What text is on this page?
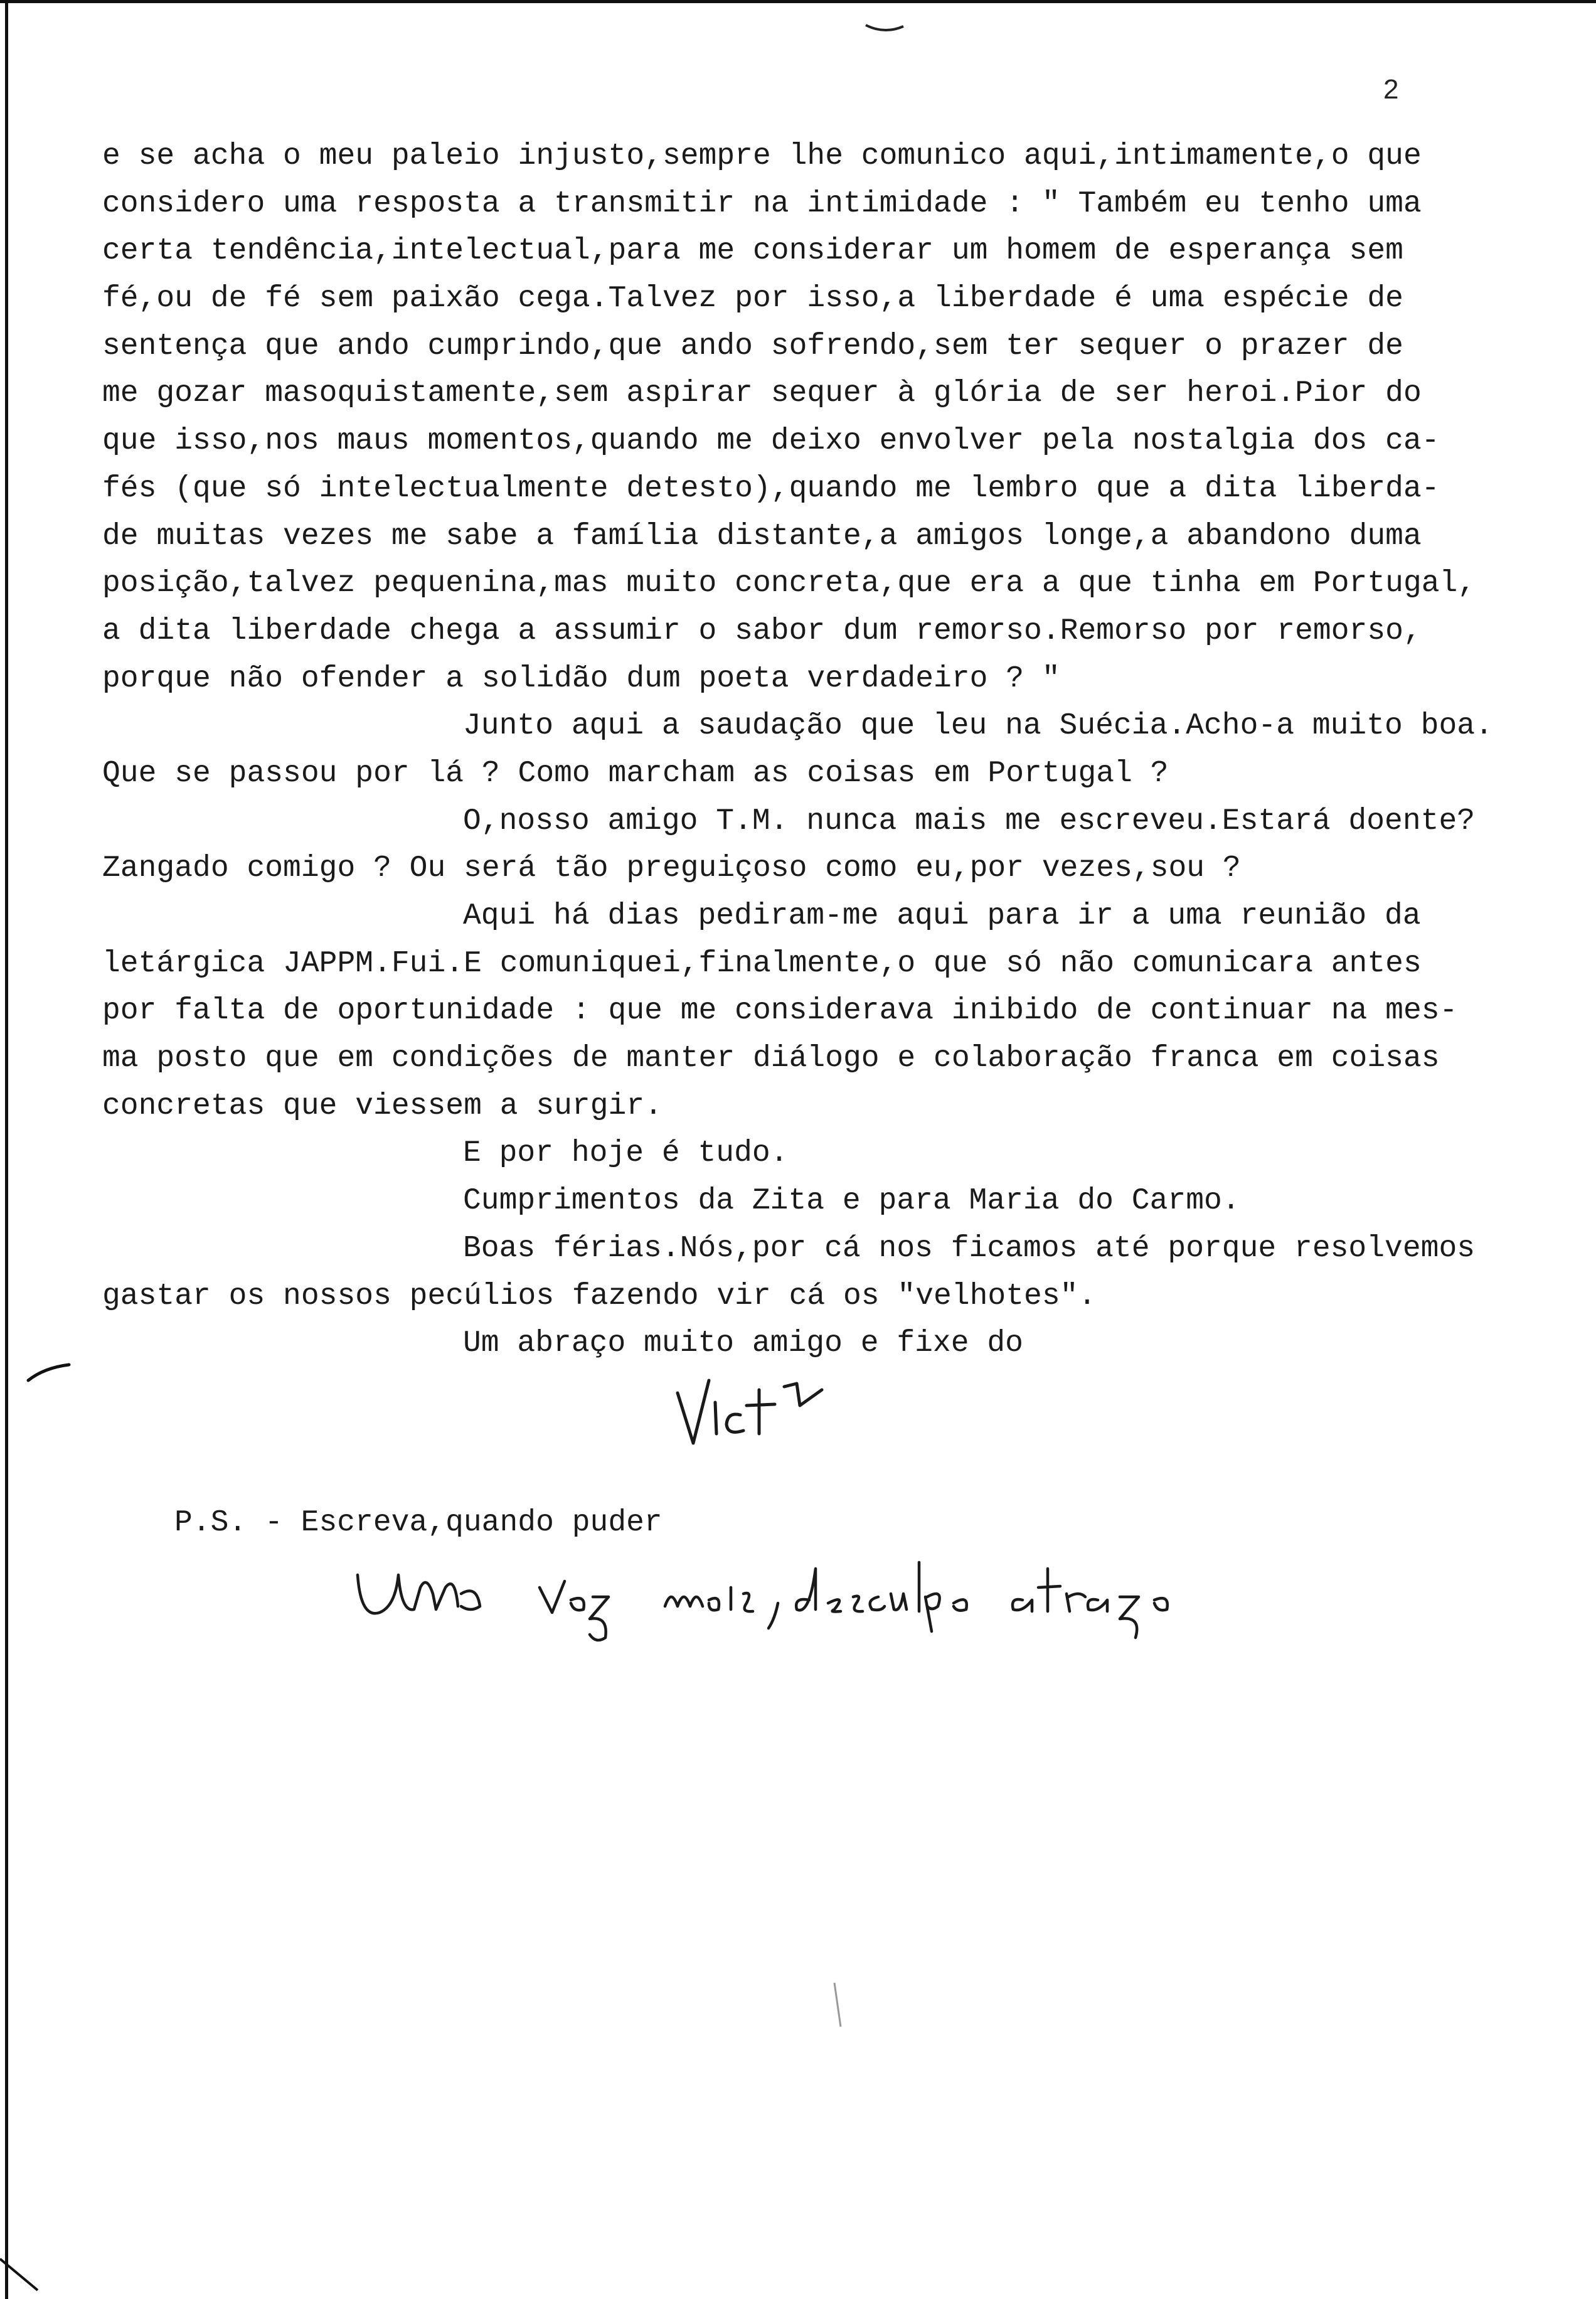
2
e se acha o meu paleio injusto,sempre lhe comunico aqui,intimamente,o que
considero uma resposta a transmitir na intimidade : " Também eu tenho uma
certa tendência,intelectual,para me considerar um homem de esperança sem
fé,ou de fé sem paixão cega.Talvez por isso,a liberdade é uma espécie de
sentença que ando cumprindo,que ando sofrendo,sem ter sequer o prazer de
me gozar masoquistamente,sem aspirar sequer à glória de ser heroi.Pior do
que isso,nos maus momentos,quando me deixo envolver pela nostalgia dos ca-
fés (que só intelectualmente detesto),quando me lembro que a dita liberda-
de muitas vezes me sabe a família distante,a amigos longe,a abandono duma
posição,talvez pequenina,mas muito concreta,que era a que tinha em Portugal,
a dita liberdade chega a assumir o sabor dum remorso.Remorso por remorso,
porque não ofender a solidão dum poeta verdadeiro ? "
Junto aqui a saudação que leu na Suécia.Acho-a muito boa.
Que se passou por lá ? Como marcham as coisas em Portugal ?
O,nosso amigo T.M. nunca mais me escreveu.Estará doente?
Zangado comigo ? Ou será tão preguiçoso como eu,por vezes,sou ?
Aqui há dias pediram-me aqui para ir a uma reunião da
letárgica JAPPM.Fui.E comuniquei,finalmente,o que só não comunicara antes
por falta de oportunidade : que me considerava inibido de continuar na mes-
ma posto que em condições de manter diálogo e colaboração franca em coisas
concretas que viessem a surgir.
E por hoje é tudo.
Cumprimentos da Zita e para Maria do Carmo.
Boas férias.Nós,por cá nos ficamos até porque resolvemos
gastar os nossos pecúlios fazendo vir cá os "velhotes".
Um abraço muito amigo e fixe do
P.S. - Escreva,quando puder
